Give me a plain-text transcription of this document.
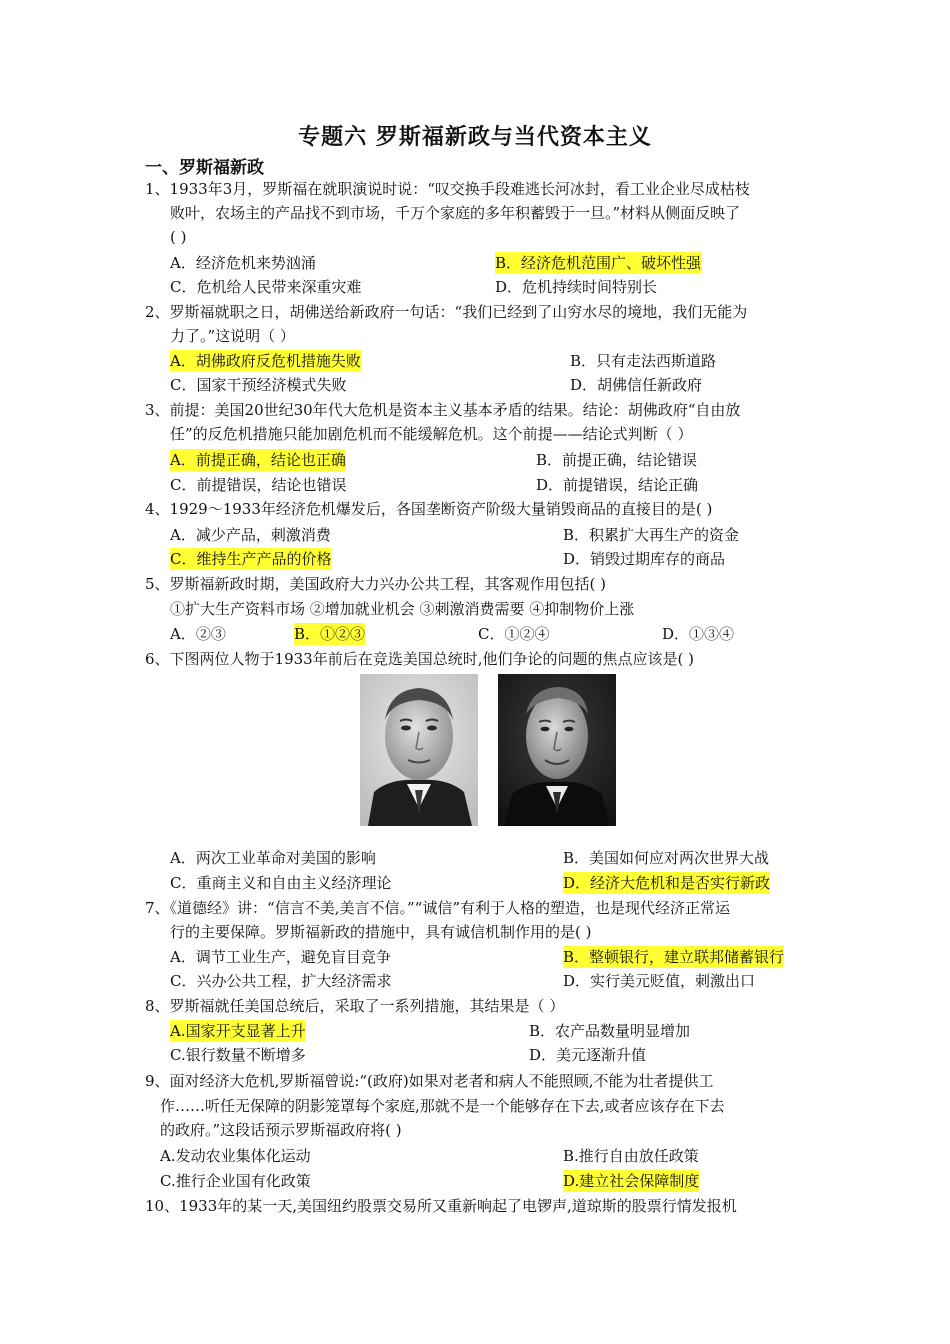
专题六 罗斯福新政与当代资本主义
一、罗斯福新政
1、1933年3月，罗斯福在就职演说时说：“叹交换手段难逃长河冰封，看工业企业尽成枯枝
败叶，农场主的产品找不到市场，千万个家庭的多年积蓄毁于一旦。”材料从侧面反映了
( )
A．经济危机来势汹涌	B．经济危机范围广、破坏性强
C．危机给人民带来深重灾难	D．危机持续时间特别长
2、罗斯福就职之日，胡佛送给新政府一句话：“我们已经到了山穷水尽的境地，我们无能为
力了。”这说明（ ）
A．胡佛政府反危机措施失败	B．只有走法西斯道路
C．国家干预经济模式失败	D．胡佛信任新政府
3、前提：美国20世纪30年代大危机是资本主义基本矛盾的结果。结论：胡佛政府“自由放
任”的反危机措施只能加剧危机而不能缓解危机。这个前提——结论式判断（ ）
A．前提正确，结论也正确	B．前提正确，结论错误
C．前提错误，结论也错误	D．前提错误，结论正确
4、1929～1933年经济危机爆发后，各国垄断资产阶级大量销毁商品的直接目的是( )
A．减少产品，刺激消费	B．积累扩大再生产的资金
C．维持生产产品的价格	D．销毁过期库存的商品
5、罗斯福新政时期，美国政府大力兴办公共工程，其客观作用包括( )
①扩大生产资料市场 ②增加就业机会 ③刺激消费需要 ④抑制物价上涨
A．②③	B．①②③	C．①②④	D．①③④
6、下图两位人物于1933年前后在竞选美国总统时,他们争论的问题的焦点应该是( )
A．两次工业革命对美国的影响	B．美国如何应对两次世界大战
C．重商主义和自由主义经济理论	D．经济大危机和是否实行新政
7、《道德经》讲：“信言不美,美言不信。”“诚信”有利于人格的塑造，也是现代经济正常运
行的主要保障。罗斯福新政的措施中，具有诚信机制作用的是( )
A．调节工业生产，避免盲目竞争	B．整顿银行，建立联邦储蓄银行
C．兴办公共工程，扩大经济需求	D．实行美元贬值，刺激出口
8、罗斯福就任美国总统后，采取了一系列措施，其结果是（ ）
A.国家开支显著上升	B．农产品数量明显增加
C.银行数量不断增多	D．美元逐渐升值
9、面对经济大危机,罗斯福曾说:“(政府)如果对老者和病人不能照顾,不能为壮者提供工
作……听任无保障的阴影笼罩每个家庭,那就不是一个能够存在下去,或者应该存在下去
的政府。”这段话预示罗斯福政府将( )
A.发动农业集体化运动	B.推行自由放任政策
C.推行企业国有化政策	D.建立社会保障制度
10、1933年的某一天,美国纽约股票交易所又重新响起了电锣声,道琼斯的股票行情发报机
